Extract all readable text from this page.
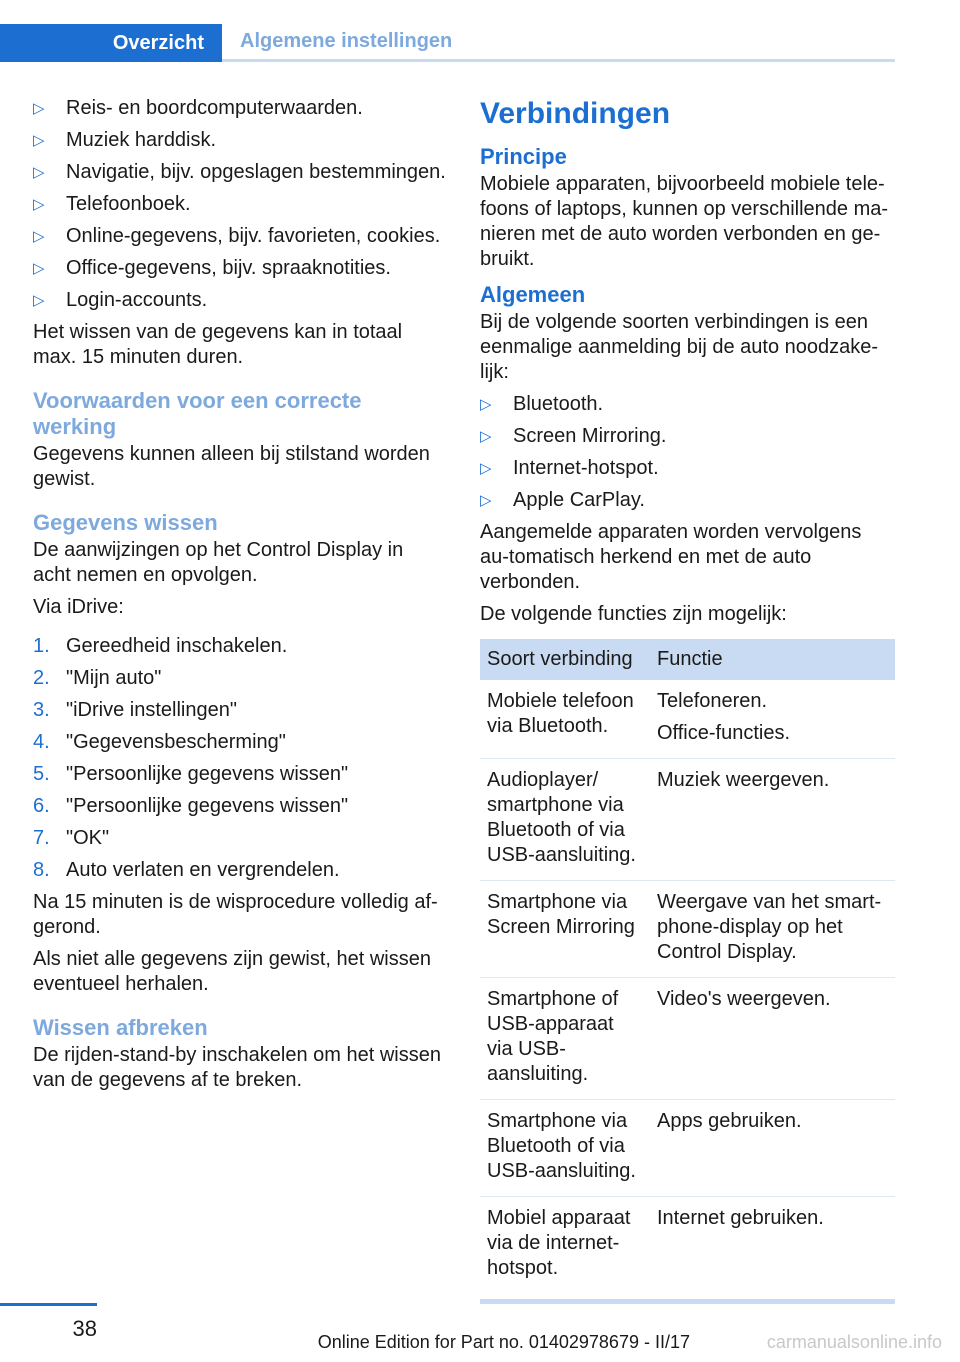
Overzicht	Algemene instellingen
▷ Reis- en boordcomputerwaarden.
▷ Muziek harddisk.
▷ Navigatie, bijv. opgeslagen bestemmingen.
▷ Telefoonboek.
▷ Online-gegevens, bijv. favorieten, cookies.
▷ Office-gegevens, bijv. spraaknotities.
▷ Login-accounts.

Het wissen van de gegevens kan in totaal max. 15 minuten duren.

Voorwaarden voor een correcte werking

Gegevens kunnen alleen bij stilstand worden gewist.

Gegevens wissen

De aanwijzingen op het Control Display in acht nemen en opvolgen.

Via iDrive:

1. Gereedheid inschakelen.
2. "Mijn auto"
3. "iDrive instellingen"
4. "Gegevensbescherming"
5. "Persoonlijke gegevens wissen"
6. "Persoonlijke gegevens wissen"
7. "OK"
8. Auto verlaten en vergrendelen.

Na 15 minuten is de wisprocedure volledig af-gerond.

Als niet alle gegevens zijn gewist, het wissen eventueel herhalen.

Wissen afbreken

De rijden-stand-by inschakelen om het wissen van de gegevens af te breken.

Verbindingen
Principe

Mobiele apparaten, bijvoorbeeld mobiele tele-foons of laptops, kunnen op verschillende ma-nieren met de auto worden verbonden en ge-bruikt.

Algemeen

Bij de volgende soorten verbindingen is een eenmalige aanmelding bij de auto noodzake-lijk:

▷ Bluetooth.
▷ Screen Mirroring.
▷ Internet-hotspot.
▷ Apple CarPlay.

Aangemelde apparaten worden vervolgens au-tomatisch herkend en met de auto verbonden.

De volgende functies zijn mogelijk:

Soort verbinding	Functie
Mobiele telefoon via Bluetooth.	Telefoneren.

Office-functies.

Audioplayer/ smartphone via Bluetooth of via USB-aansluiting.	Muziek weergeven.

Smartphone via Screen Mirroring	Weergave van het smart-phone-display op het Control Display.

Smartphone of USB-apparaat via USB-aansluiting.	Video's weergeven.

Smartphone via Bluetooth of via USB-aansluiting.	Apps gebruiken.

Mobiel apparaat via de internet-hotspot.	Internet gebruiken.

38
Online Edition for Part no. 01402978679 - II/17	carmanualsonline.info
